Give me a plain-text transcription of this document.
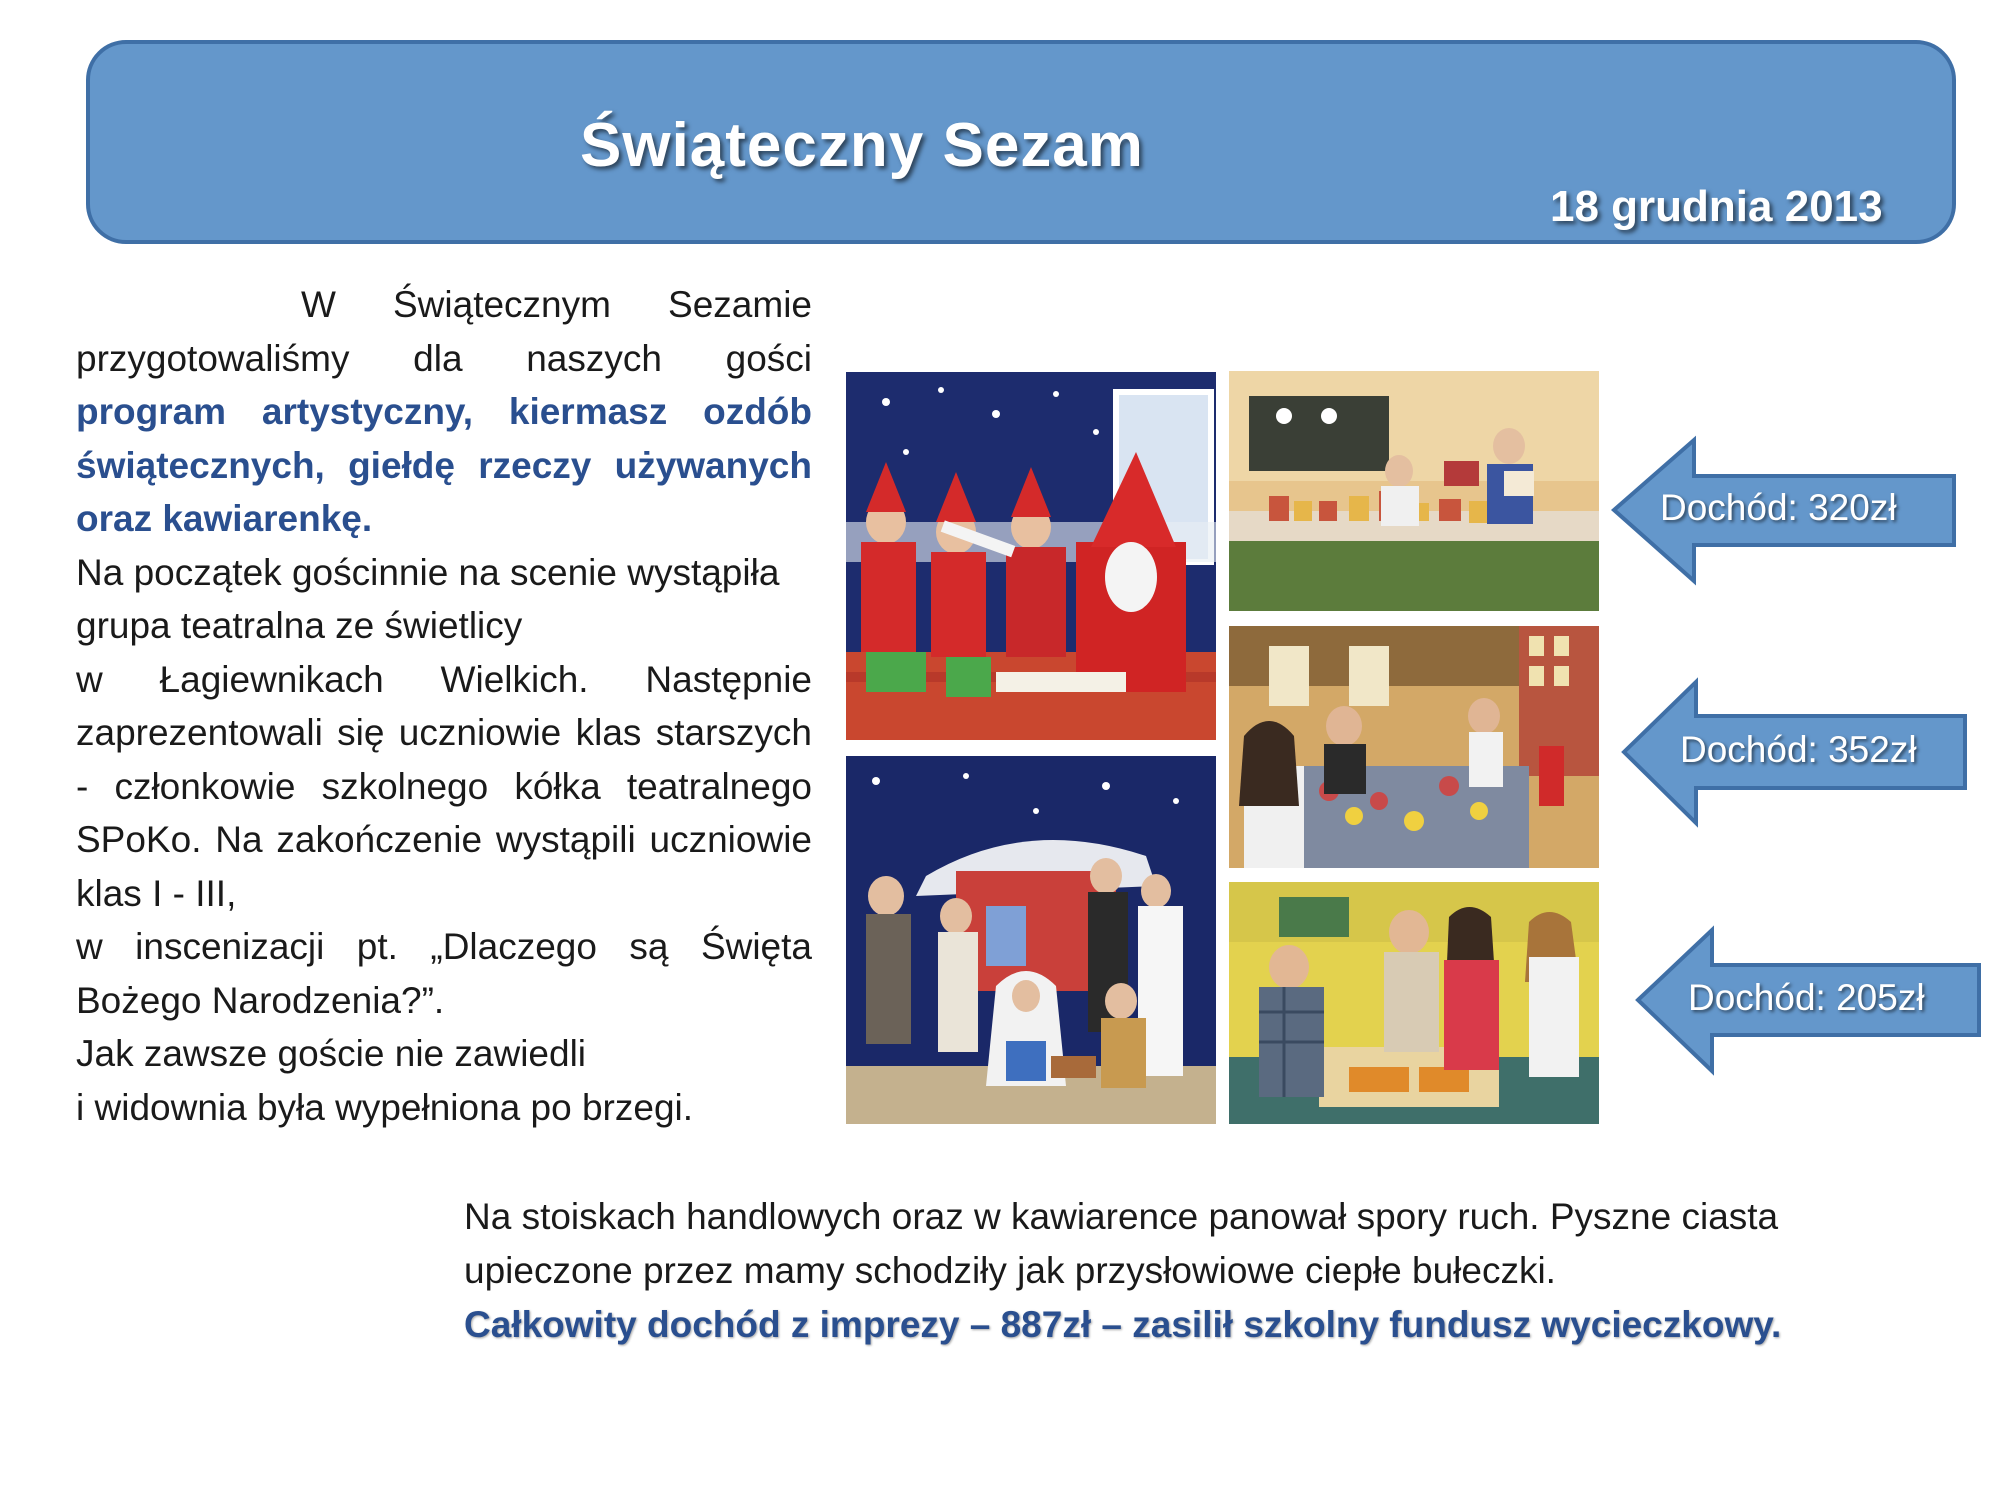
Świąteczny Sezam
18 grudnia 2013

W Świątecznym Sezamie przygotowaliśmy dla naszych gości program artystyczny, kiermasz ozdób świątecznych, giełdę rzeczy używanych oraz kawiarenkę.

Na początek gościnnie na scenie wystąpiła grupa teatralna ze świetlicy

w Łagiewnikach Wielkich. Następnie zaprezentowali się uczniowie klas starszych - członkowie szkolnego kółka teatralnego SPoKo. Na zakończenie wystąpili uczniowie klas I - III,

w inscenizacji pt. „Dlaczego są Święta Bożego Narodzenia?”.

Jak zawsze goście nie zawiedli

i widownia była wypełniona po brzegi.

Dochód: 320zł
Dochód: 352zł
Dochód: 205zł

Na stoiskach handlowych oraz w kawiarence panował spory ruch. Pyszne ciasta upieczone przez mamy schodziły jak przysłowiowe ciepłe bułeczki.

Całkowity dochód z imprezy – 887zł – zasilił szkolny fundusz wycieczkowy.
